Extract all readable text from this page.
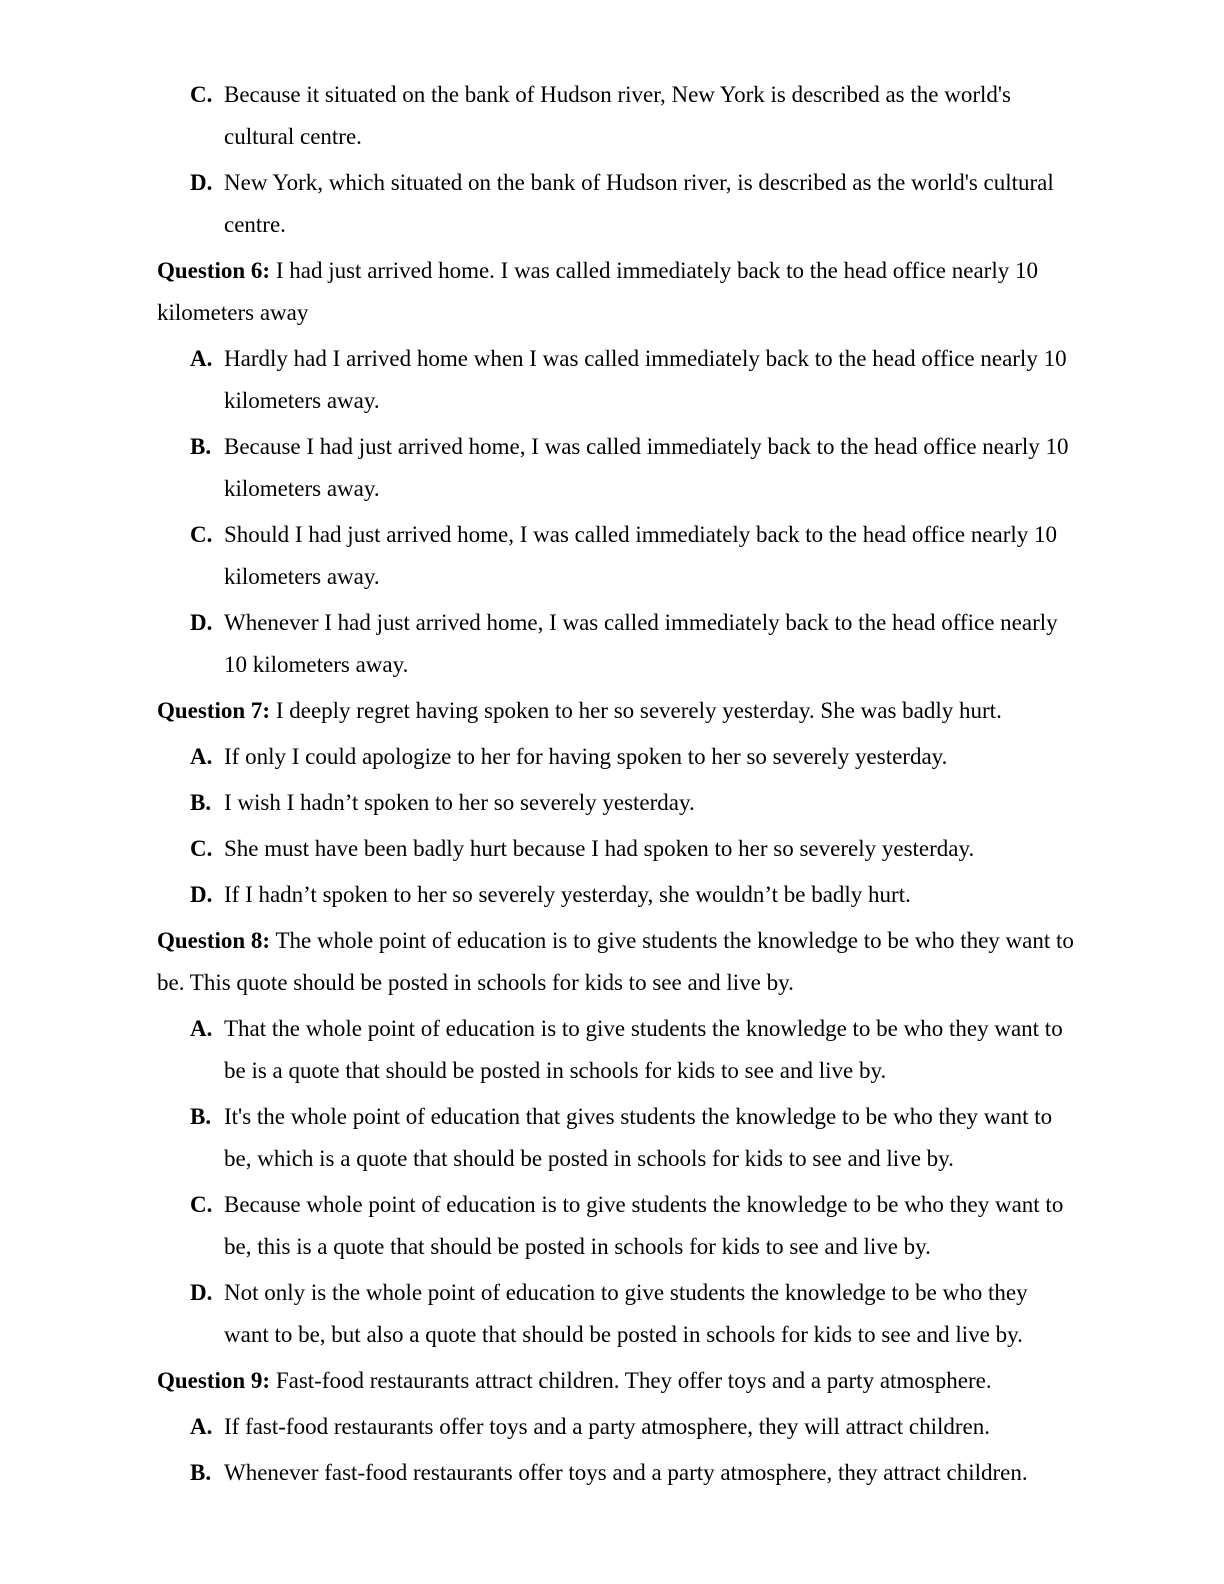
C. Because it situated on the bank of Hudson river, New York is described as the world's cultural centre.
D. New York, which situated on the bank of Hudson river, is described as the world's cultural centre.
Question 6: I had just arrived home. I was called immediately back to the head office nearly 10 kilometers away
A. Hardly had I arrived home when I was called immediately back to the head office nearly 10 kilometers away.
B. Because I had just arrived home, I was called immediately back to the head office nearly 10 kilometers away.
C. Should I had just arrived home, I was called immediately back to the head office nearly 10 kilometers away.
D. Whenever I had just arrived home, I was called immediately back to the head office nearly 10 kilometers away.
Question 7: I deeply regret having spoken to her so severely yesterday. She was badly hurt.
A. If only I could apologize to her for having spoken to her so severely yesterday.
B. I wish I hadn’t spoken to her so severely yesterday.
C. She must have been badly hurt because I had spoken to her so severely yesterday.
D. If I hadn’t spoken to her so severely yesterday, she wouldn’t be badly hurt.
Question 8: The whole point of education is to give students the knowledge to be who they want to be. This quote should be posted in schools for kids to see and live by.
A. That the whole point of education is to give students the knowledge to be who they want to be is a quote that should be posted in schools for kids to see and live by.
B. It's the whole point of education that gives students the knowledge to be who they want to be, which is a quote that should be posted in schools for kids to see and live by.
C. Because whole point of education is to give students the knowledge to be who they want to be, this is a quote that should be posted in schools for kids to see and live by.
D. Not only is the whole point of education to give students the knowledge to be who they want to be, but also a quote that should be posted in schools for kids to see and live by.
Question 9: Fast-food restaurants attract children. They offer toys and a party atmosphere.
A. If fast-food restaurants offer toys and a party atmosphere, they will attract children.
B. Whenever fast-food restaurants offer toys and a party atmosphere, they attract children.
